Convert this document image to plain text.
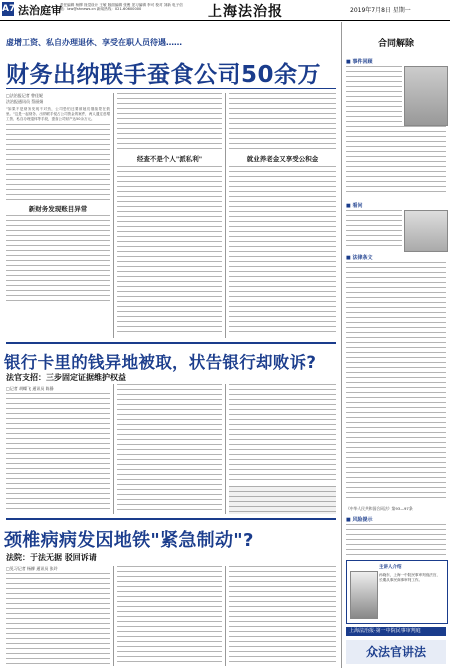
A7 法治庭审
责任编辑 杨柳 视觉设计 王敏 版面编辑 张俊 见习编辑 李可 校对 刘新 电子信箱：law@shnews.cn 新闻热线：021-60600000	上海法治报	2019年7月8日 星期一
虚增工资、私自办理退休、享受在职人员待遇……
财务出纳联手蚕食公司50余万
□法治报记者 曾佳妮
法治报通讯员 蔡丽娟
"如果不是财务发现不对劲，公司恐怕还要被她们继续蒙在鼓里。"这是一起财务、出纳联手侵占公司资金的案件，两人通过虚增工资、私自办理退休等手段，蚕食公司财产达50余万元。
新财务发现账目异常
经查不是个人"派私利"	就业养老金又享受公积金
银行卡里的钱异地被取，状告银行却败诉?
法官支招：三步固定证据维护权益
□记者 胡蝶飞 通讯员 陈静
颈椎病病发因地铁"紧急制动"?
法院：于法无据 驳回诉请
□见习记者 杨柳 通讯员 张玲
合同解除
■ 事件回顾
■ 看问
■ 法律条文
《中华人民共和国合同法》第93—97条
■ 风险提示
主讲人介绍
孙晓东，上海一中院民事审判庭法官，长期从事民商事审判工作。
上海法治报·第一中院民事审判庭
众法官讲法
